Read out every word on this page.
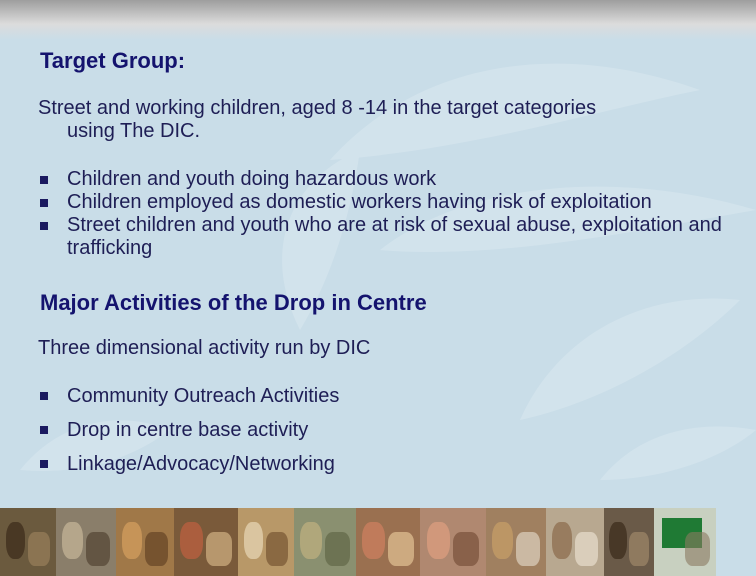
Target Group:
Street and working children, aged 8 -14 in the target categories
using The DIC.
Children and youth doing hazardous work
Children employed as domestic workers having risk of exploitation
Street children and youth who are at risk of sexual abuse, exploitation and trafficking
Major Activities of the Drop in Centre
Three dimensional activity run by DIC
Community Outreach Activities
Drop in centre base activity
Linkage/Advocacy/Networking
